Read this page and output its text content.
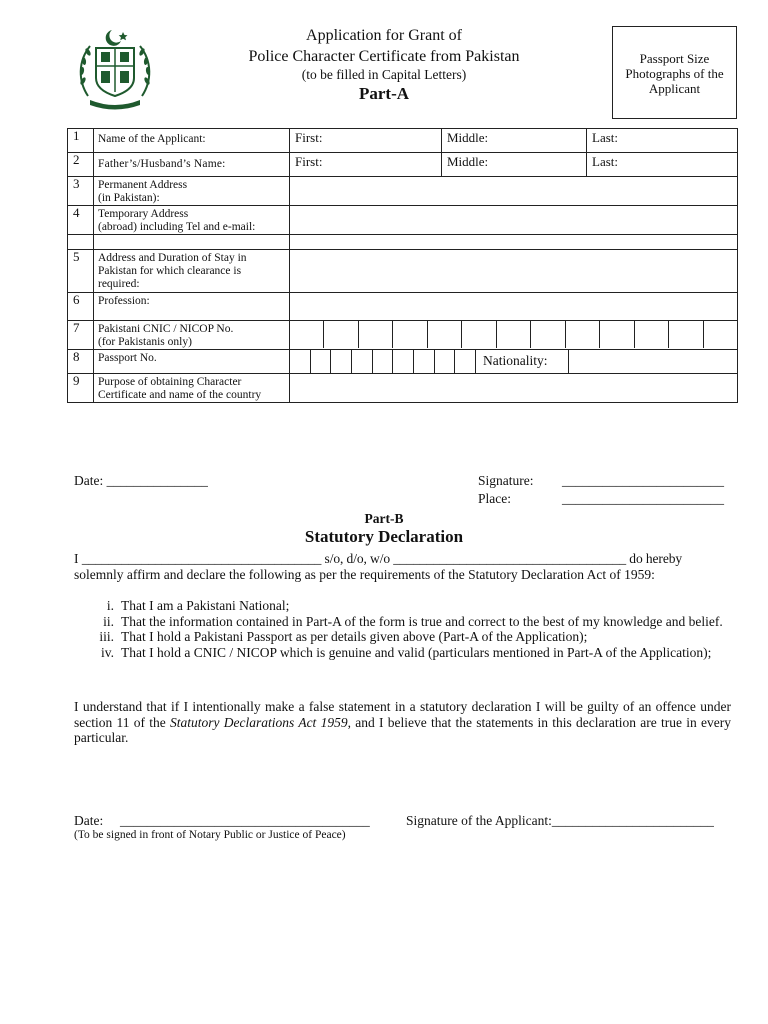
Application for Grant of
Police Character Certificate from Pakistan
(to be filled in Capital Letters)
Part-A
Passport Size
Photographs of the
Applicant
1	Name of the Applicant:	First:	Middle:	Last:

2	Father’s/Husband’s Name:	First:	Middle:	Last:

3	Permanent Address
(in Pakistan):			

4	Temporary Address
(abroad) including Tel and e-mail:			

5	Address and Duration of Stay in
Pakistan for which clearance is
required:			

6	Profession:			
7	Pakistani CNIC / NICOP No.
(for Pakistanis only)			

8	Passport No.	Nationality:		

9	Purpose of obtaining Character
Certificate and name of the country			

Date: _______________	Signature: ________________________
Place:	________________________
Part-B
Statutory Declaration
I ____________________________________ s/o, d/o, w/o ___________________________________ do hereby
solemnly affirm and declare the following as per the requirements of the Statutory Declaration Act of 1959:
i. That I am a Pakistani National;
ii. That the information contained in Part-A of the form is true and correct to the best of my knowledge and belief.
iii. That I hold a Pakistani Passport as per details given above (Part-A of the Application);
iv. That I hold a CNIC / NICOP which is genuine and valid (particulars mentioned in Part-A of the Application);
I understand that if I intentionally make a false statement in a statutory declaration I will be guilty of an offence under section 11 of the Statutory Declarations Act 1959, and I believe that the statements in this declaration are true in every particular.
Date: _____________________________________	Signature of the Applicant:________________________
(To be signed in front of Notary Public or Justice of Peace)
